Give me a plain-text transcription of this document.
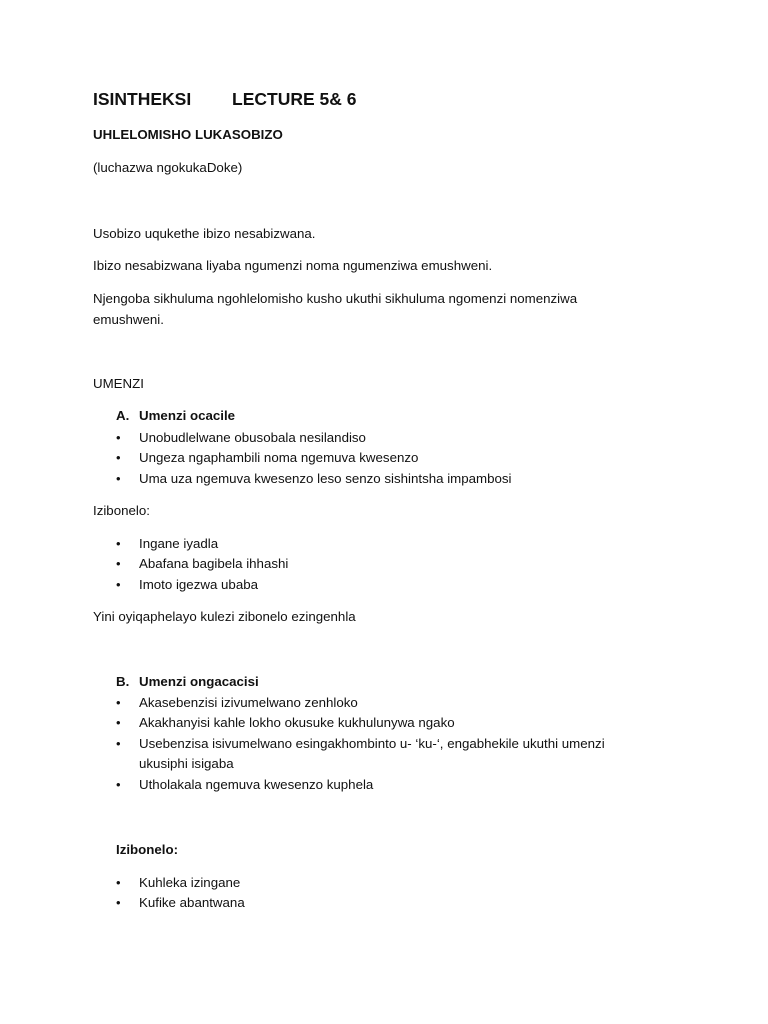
ISINTHEKSI LECTURE 5& 6
UHLELOMISHO LUKASOBIZO
(luchazwa ngokukaDoke)
Usobizo uqukethe ibizo nesabizwana.
Ibizo nesabizwana liyaba ngumenzi noma ngumenziwa emushweni.
Njengoba sikhuluma ngohlelomisho kusho ukuthi sikhuluma ngomenzi nomenziwa
emushweni.
UMENZI
A. Umenzi ocacile
• Unobudlelwane obusobala nesilandiso
• Ungeza ngaphambili noma ngemuva kwesenzo
• Uma uza ngemuva kwesenzo leso senzo sishintsha impambosi
Izibonelo:
• Ingane iyadla
• Abafana bagibela ihhashi
• Imoto igezwa ubaba
Yini oyiqaphelayo kulezi zibonelo ezingenhla
B. Umenzi ongacacisi
• Akasebenzisi izivumelwano zenhloko
• Akakhanyisi kahle lokho okusuke kukhulunywa ngako
• Usebenzisa isivumelwano esingakhombinto u- ‘ku-‘, engabhekile ukuthi umenzi
ukusiphi isigaba
• Utholakala ngemuva kwesenzo kuphela
Izibonelo:
• Kuhleka izingane
• Kufike abantwana
